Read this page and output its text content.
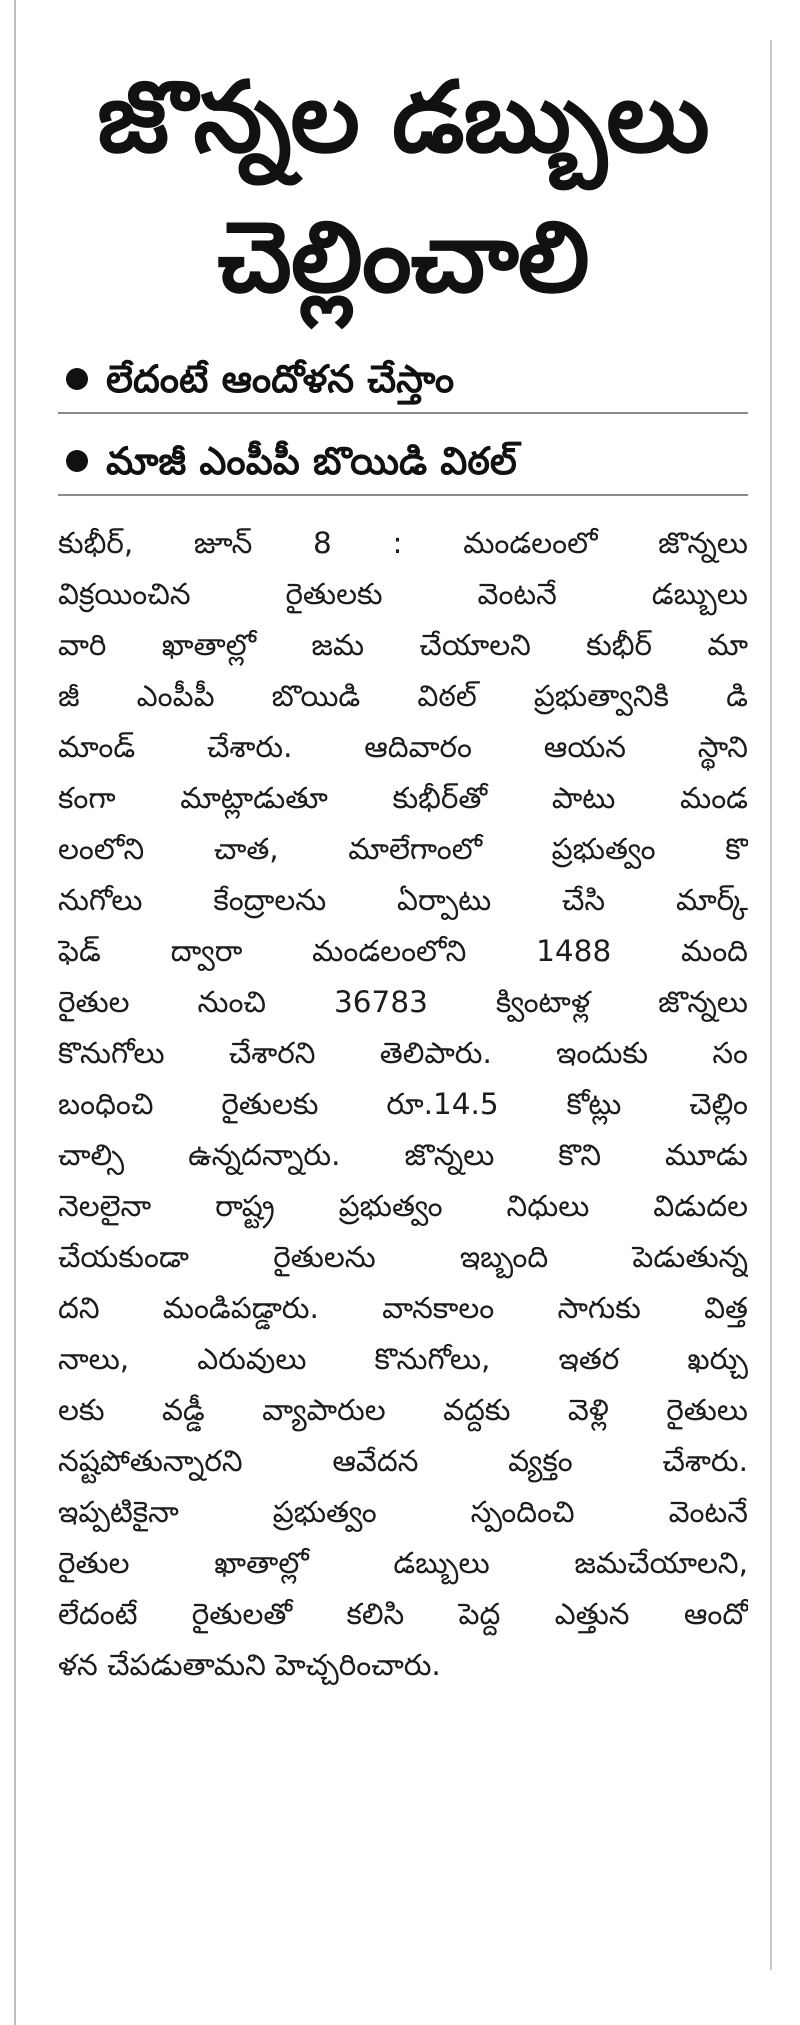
జొన్నల డబ్బులు
చెల్లించాలి
లేదంటే ఆందోళన చేస్తాం
మాజీ ఎంపీపీ బొయిడి విఠల్
కుభీర్, జూన్ 8 : మండలంలో జొన్నలు
విక్రయించిన రైతులకు వెంటనే డబ్బులు
వారి ఖాతాల్లో జమ చేయాలని కుభీర్ మా
జీ ఎంపీపీ బొయిడి విఠల్ ప్రభుత్వానికి డి
మాండ్ చేశారు. ఆదివారం ఆయన స్థాని
కంగా మాట్లాడుతూ కుభీర్‌తో పాటు మండ
లంలోని చాత, మాలేగాంలో ప్రభుత్వం కొ
నుగోలు కేంద్రాలను ఏర్పాటు చేసి మార్క్
ఫెడ్ ద్వారా మండలంలోని 1488 మంది
రైతుల నుంచి 36783 క్వింటాళ్ల జొన్నలు
కొనుగోలు చేశారని తెలిపారు. ఇందుకు సం
బంధించి రైతులకు రూ.14.5 కోట్లు చెల్లిం
చాల్సి ఉన్నదన్నారు. జొన్నలు కొని మూడు
నెలలైనా రాష్ట్ర ప్రభుత్వం నిధులు విడుదల
చేయకుండా రైతులను ఇబ్బంది పెడుతున్న
దని మండిపడ్డారు. వానకాలం సాగుకు విత్త
నాలు, ఎరువులు కొనుగోలు, ఇతర ఖర్చు
లకు వడ్డీ వ్యాపారుల వద్దకు వెళ్లి రైతులు
నష్టపోతున్నారని ఆవేదన వ్యక్తం చేశారు.
ఇప్పటికైనా ప్రభుత్వం స్పందించి వెంటనే
రైతుల ఖాతాల్లో డబ్బులు జమచేయాలని,
లేదంటే రైతులతో కలిసి పెద్ద ఎత్తున ఆందో
ళన చేపడుతామని హెచ్చరించారు.
